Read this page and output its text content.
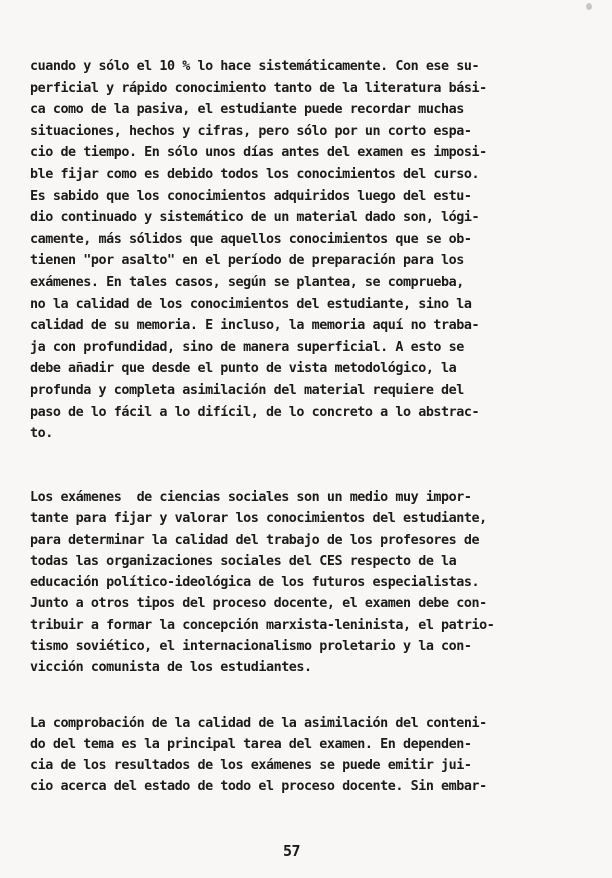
cuando y sólo el 10 % lo hace sistemáticamente. Con ese su-
perficial y rápido conocimiento tanto de la literatura bási-
ca como de la pasiva, el estudiante puede recordar muchas
situaciones, hechos y cifras, pero sólo por un corto espa-
cio de tiempo. En sólo unos días antes del examen es imposi-
ble fijar como es debido todos los conocimientos del curso.
Es sabido que los conocimientos adquiridos luego del estu-
dio continuado y sistemático de un material dado son, lógi-
camente, más sólidos que aquellos conocimientos que se ob-
tienen "por asalto" en el período de preparación para los
exámenes. En tales casos, según se plantea, se comprueba,
no la calidad de los conocimientos del estudiante, sino la
calidad de su memoria. E incluso, la memoria aquí no traba-
ja con profundidad, sino de manera superficial. A esto se
debe añadir que desde el punto de vista metodológico, la
profunda y completa asimilación del material requiere del
paso de lo fácil a lo difícil, de lo concreto a lo abstrac-
to.
Los exámenes  de ciencias sociales son un medio muy impor-
tante para fijar y valorar los conocimientos del estudiante,
para determinar la calidad del trabajo de los profesores de
todas las organizaciones sociales del CES respecto de la
educación político-ideológica de los futuros especialistas.
Junto a otros tipos del proceso docente, el examen debe con-
tribuir a formar la concepción marxista-leninista, el patrio-
tismo soviético, el internacionalismo proletario y la con-
vicción comunista de los estudiantes.
La comprobación de la calidad de la asimilación del conteni-
do del tema es la principal tarea del examen. En dependen-
cia de los resultados de los exámenes se puede emitir jui-
cio acerca del estado de todo el proceso docente. Sin embar-
57
